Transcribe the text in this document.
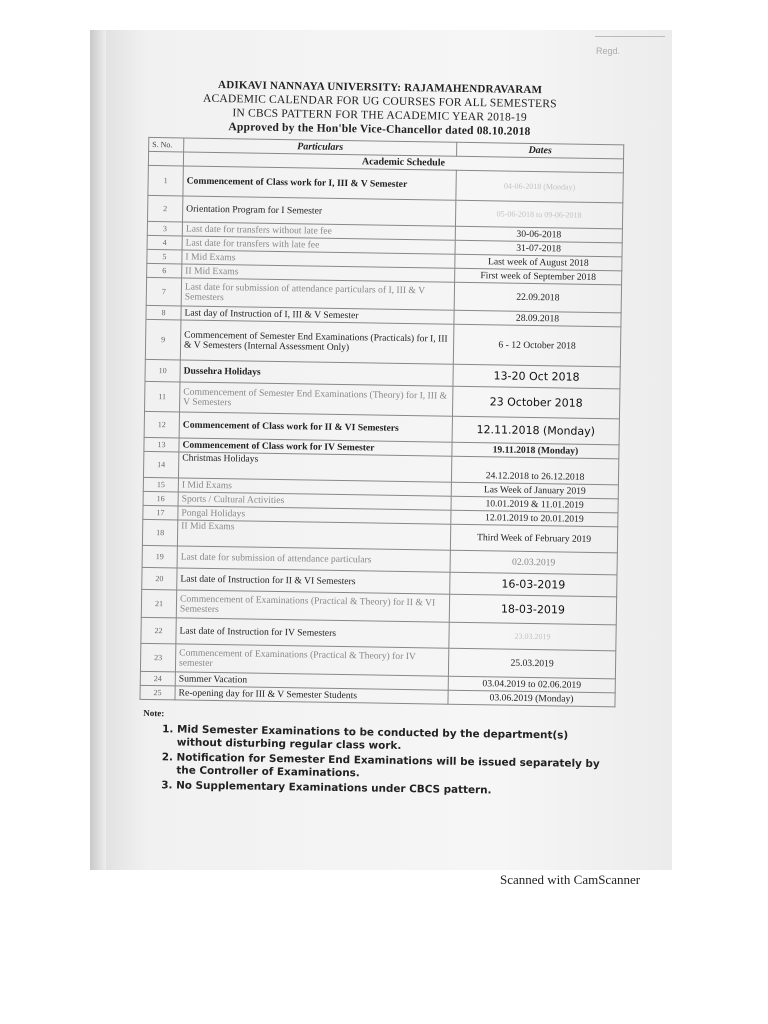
Regd.
ADIKAVI NANNAYA UNIVERSITY: RAJAMAHENDRAVARAM
ACADEMIC CALENDAR FOR UG COURSES FOR ALL SEMESTERS
IN CBCS PATTERN FOR THE ACADEMIC YEAR 2018-19
Approved by the Hon'ble Vice-Chancellor dated 08.10.2018
S. No.	Particulars	Dates
	Academic Schedule	
1	Commencement of Class work for I, III & V Semester	04-06-2018 (Monday)
2	Orientation Program for I Semester	05-06-2018 to 09-06-2018
3	Last date for transfers without late fee	30-06-2018
4	Last date for transfers with late fee	31-07-2018
5	I Mid Exams	Last week of August 2018
6	II Mid Exams	First week of September 2018
7	Last date for submission of attendance particulars of I, III & V Semesters	22.09.2018
8	Last day of Instruction of I, III & V Semester	28.09.2018
9	Commencement of Semester End Examinations (Practicals) for I, III & V Semesters (Internal Assessment Only)	6 - 12 October 2018
10	Dussehra Holidays	13-20 Oct 2018
11	Commencement of Semester End Examinations (Theory) for I, III & V Semesters	23 October 2018
12	Commencement of Class work for II & VI Semesters	12.11.2018 (Monday)
13	Commencement of Class work for IV Semester	19.11.2018 (Monday)
14	Christmas Holidays	24.12.2018 to 26.12.2018
15	I Mid Exams	Las Week of January 2019
16	Sports / Cultural Activities	10.01.2019 & 11.01.2019
17	Pongal Holidays	12.01.2019 to 20.01.2019
18	II Mid Exams	Third Week of February 2019
19	Last date for submission of attendance particulars	02.03.2019
20	Last date of Instruction for II & VI Semesters	16-03-2019
21	Commencement of Examinations (Practical & Theory) for II & VI Semesters	18-03-2019
22	Last date of Instruction for IV Semesters	23.03.2019
23	Commencement of Examinations (Practical & Theory) for IV semester	25.03.2019
24	Summer Vacation	03.04.2019 to 02.06.2019
25	Re-opening day for III & V Semester Students	03.06.2019 (Monday)
Note:
1. Mid Semester Examinations to be conducted by the department(s) without disturbing regular class work.
2. Notification for Semester End Examinations will be issued separately by the Controller of Examinations.
3. No Supplementary Examinations under CBCS pattern.
Scanned with CamScanner
